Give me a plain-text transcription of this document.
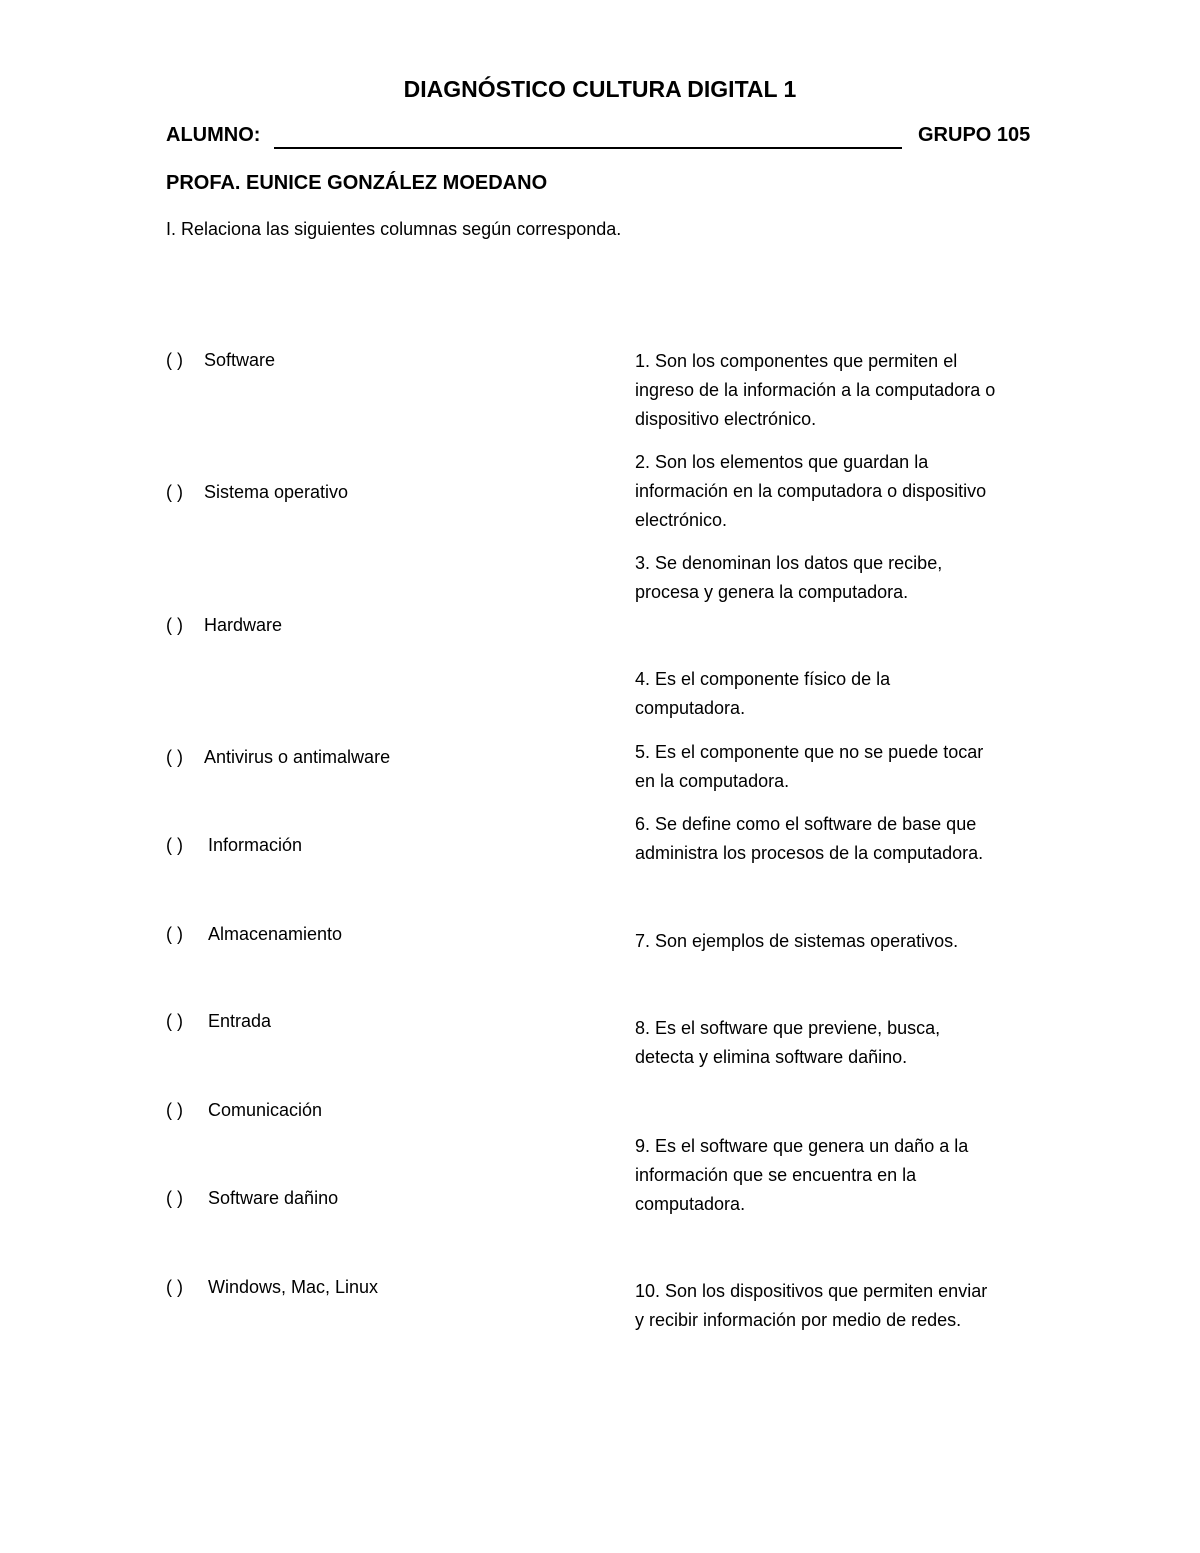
DIAGNÓSTICO CULTURA DIGITAL 1
ALUMNO:	GRUPO 105
PROFA. EUNICE GONZÁLEZ MOEDANO
I. Relaciona las siguientes columnas según corresponda.
( ) Software
( ) Sistema operativo
( ) Hardware
( ) Antivirus o antimalware
( ) Información
( ) Almacenamiento
( ) Entrada
( ) Comunicación
( ) Software dañino
( ) Windows, Mac, Linux
1. Son los componentes que permiten el
ingreso de la información a la computadora o
dispositivo electrónico.
2. Son los elementos que guardan la
información en la computadora o dispositivo
electrónico.
3. Se denominan los datos que recibe,
procesa y genera la computadora.
4. Es el componente físico de la
computadora.
5. Es el componente que no se puede tocar
en la computadora.
6. Se define como el software de base que
administra los procesos de la computadora.
7. Son ejemplos de sistemas operativos.
8. Es el software que previene, busca,
detecta y elimina software dañino.
9. Es el software que genera un daño a la
información que se encuentra en la
computadora.
10. Son los dispositivos que permiten enviar
y recibir información por medio de redes.
